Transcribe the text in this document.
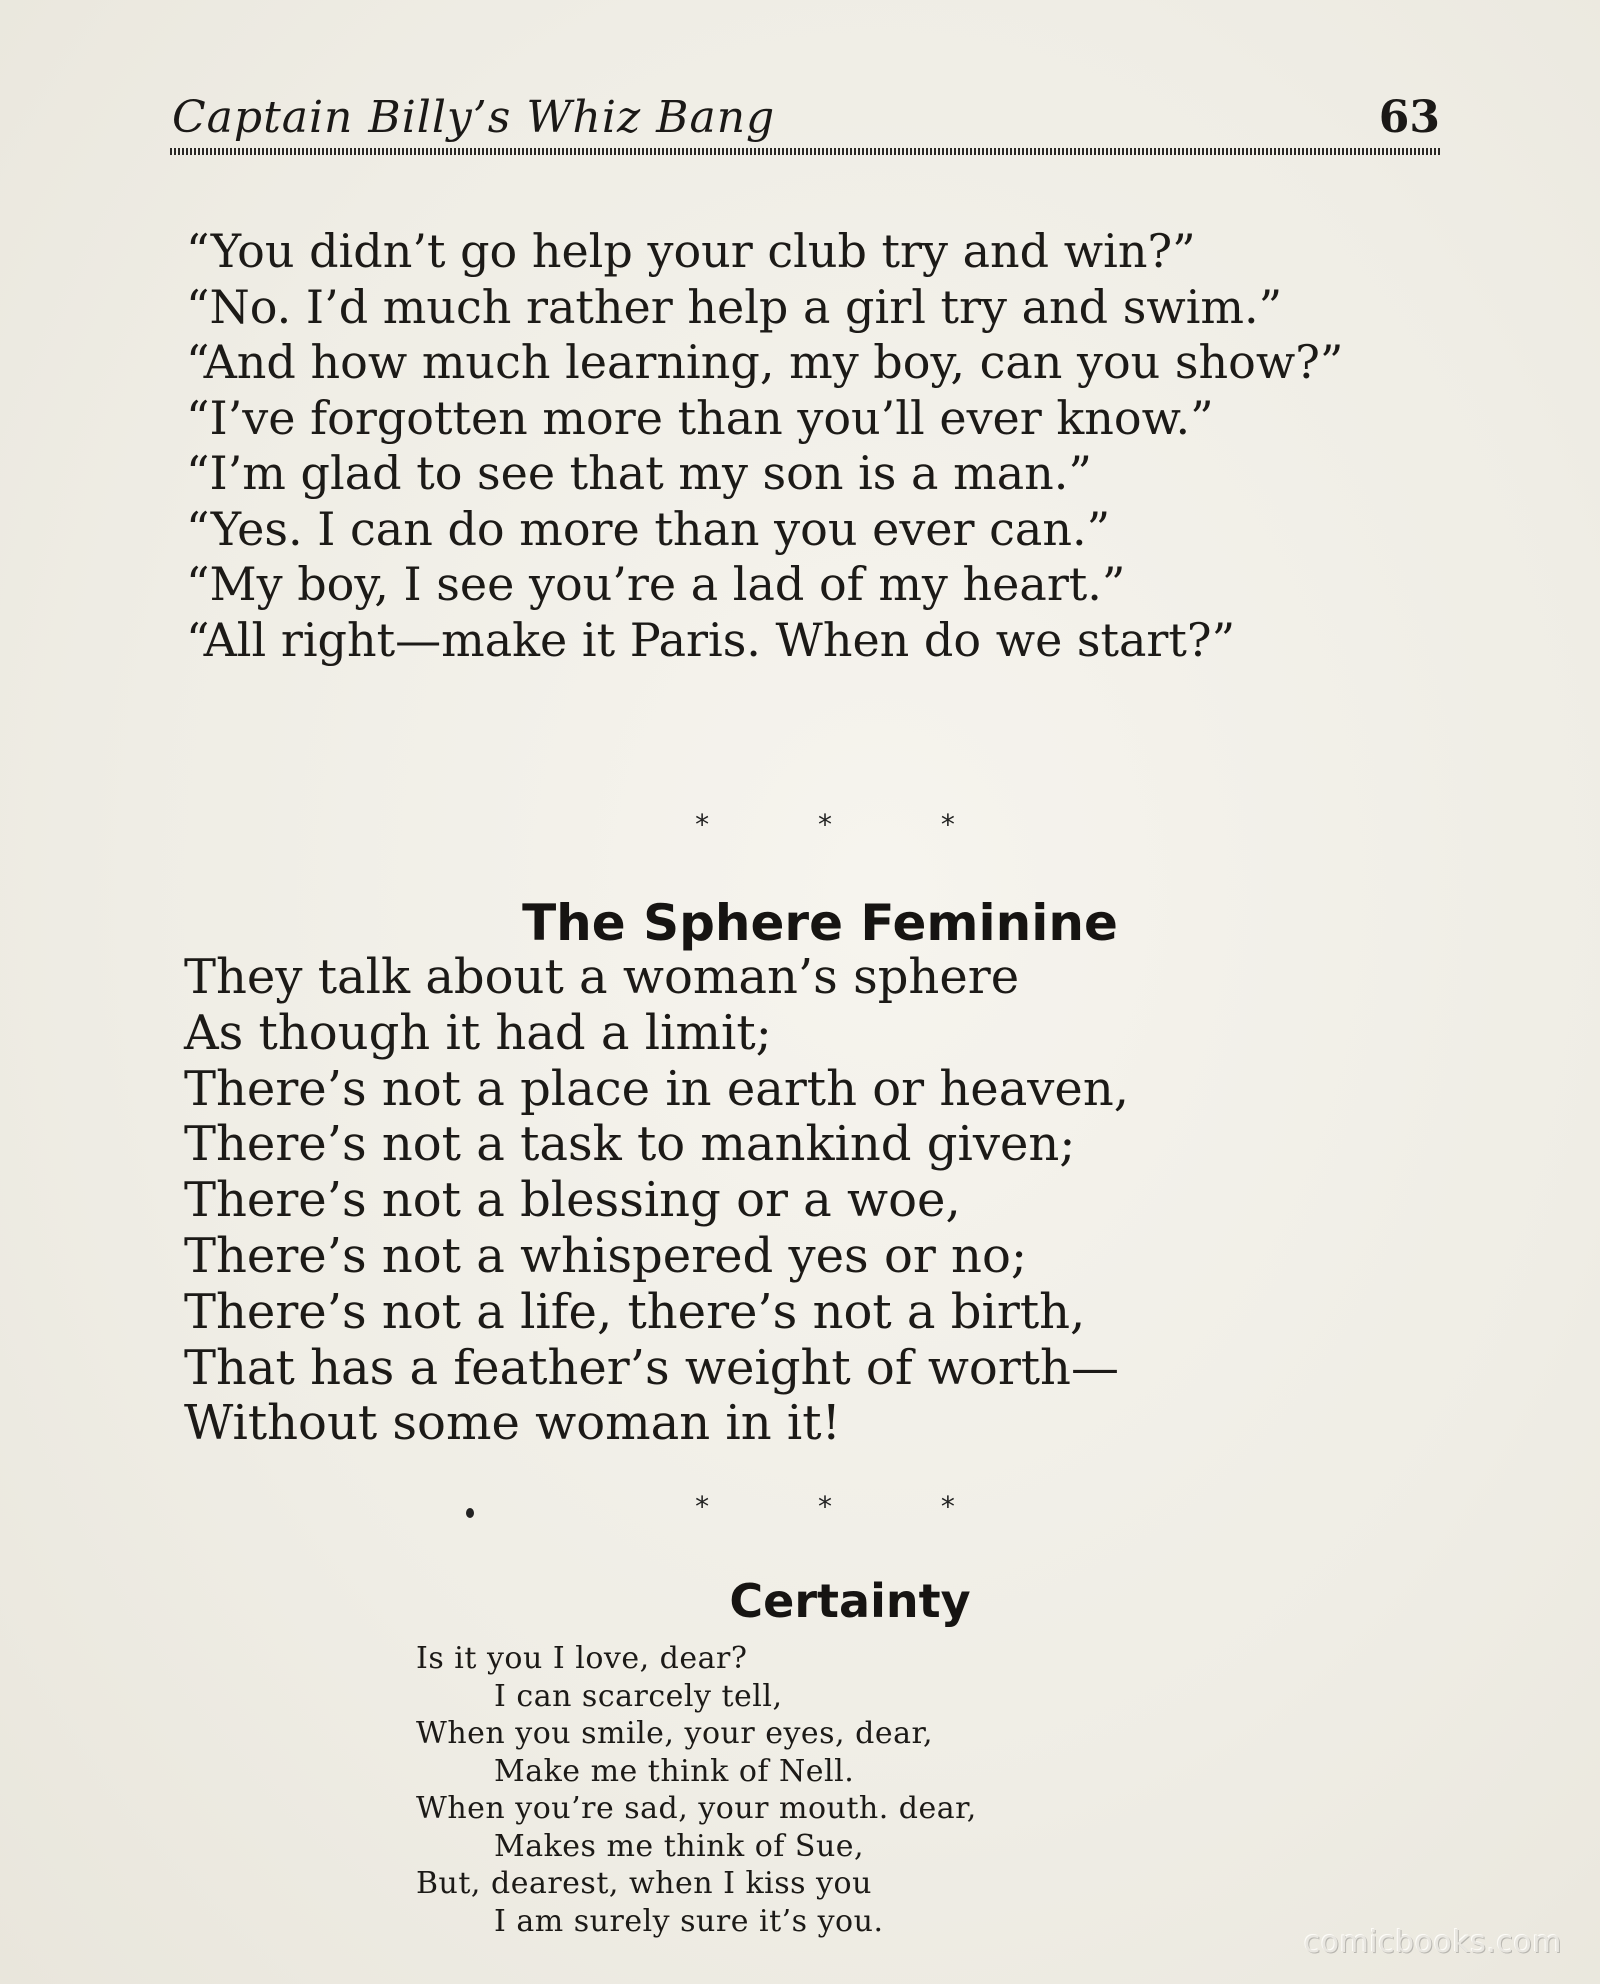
Captain Billy’s Whiz Bang	63
“You didn’t go help your club try and win?”
“No. I’d much rather help a girl try and swim.”
“And how much learning, my boy, can you show?”
“I’ve forgotten more than you’ll ever know.”
“I’m glad to see that my son is a man.”
“Yes. I can do more than you ever can.”
“My boy, I see you’re a lad of my heart.”
“All right—make it Paris. When do we start?”
* * *
The Sphere Feminine
They talk about a woman’s sphere
As though it had a limit;
There’s not a place in earth or heaven,
There’s not a task to mankind given;
There’s not a blessing or a woe,
There’s not a whispered yes or no;
There’s not a life, there’s not a birth,
That has a feather’s weight of worth—
Without some woman in it!
* * *
Certainty
Is it you I love, dear?
I can scarcely tell,
When you smile, your eyes, dear,
Make me think of Nell.
When you’re sad, your mouth. dear,
Makes me think of Sue,
But, dearest, when I kiss you
I am surely sure it’s you.
comicbooks.com
